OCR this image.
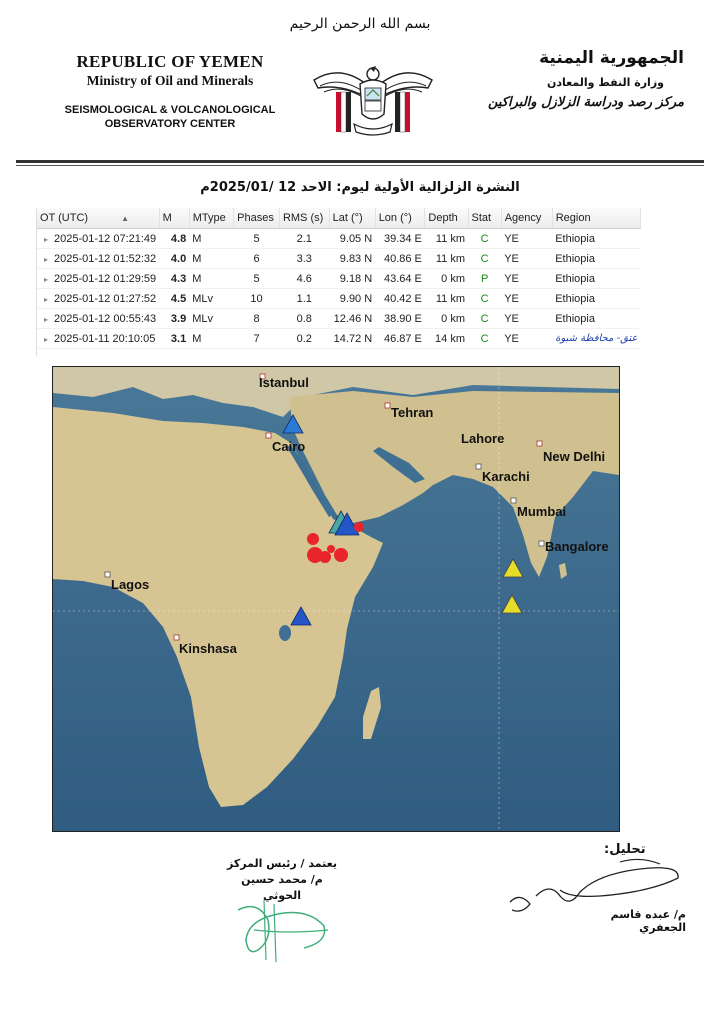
بسم الله الرحمن الرحيم
REPUBLIC OF YEMEN
Ministry of Oil and Minerals
SEISMOLOGICAL & VOLCANOLOGICAL
OBSERVATORY CENTER
الجمهورية اليمنية
وزارة النفط والمعادن
مركز رصد ودراسة الزلازل والبراكين
النشرة الزلزالية الأولية ليوم: الاحد 12 /2025/01م
OT (UTC) ▲	M	MType	Phases	RMS (s)	Lat (°)	Lon (°)	Depth	Stat	Agency	Region
▸ 2025-01-12 07:21:49	4.8	M	5	2.1	9.05 N	39.34 E	11 km	C	YE	Ethiopia
▸ 2025-01-12 01:52:32	4.0	M	6	3.3	9.83 N	40.86 E	11 km	C	YE	Ethiopia
▸ 2025-01-12 01:29:59	4.3	M	5	4.6	9.18 N	43.64 E	0 km	P	YE	Ethiopia
▸ 2025-01-12 01:27:52	4.5	MLv	10	1.1	9.90 N	40.42 E	11 km	C	YE	Ethiopia
▸ 2025-01-12 00:55:43	3.9	MLv	8	0.8	12.46 N	38.90 E	0 km	C	YE	Ethiopia
▸ 2025-01-11 20:10:05	3.1	M	7	0.2	14.72 N	46.87 E	14 km	C	YE	عتق- محافظة شبوة
Istanbul
Tehran
Cairo
Lahore
New Delhi
Karachi
Mumbai
Bangalore
Lagos
Kinshasa
يعتمد / رئيس المركز
م/ محمد حسين الحوثي
تحليل:
م/ عبده قاسم الجعفري
